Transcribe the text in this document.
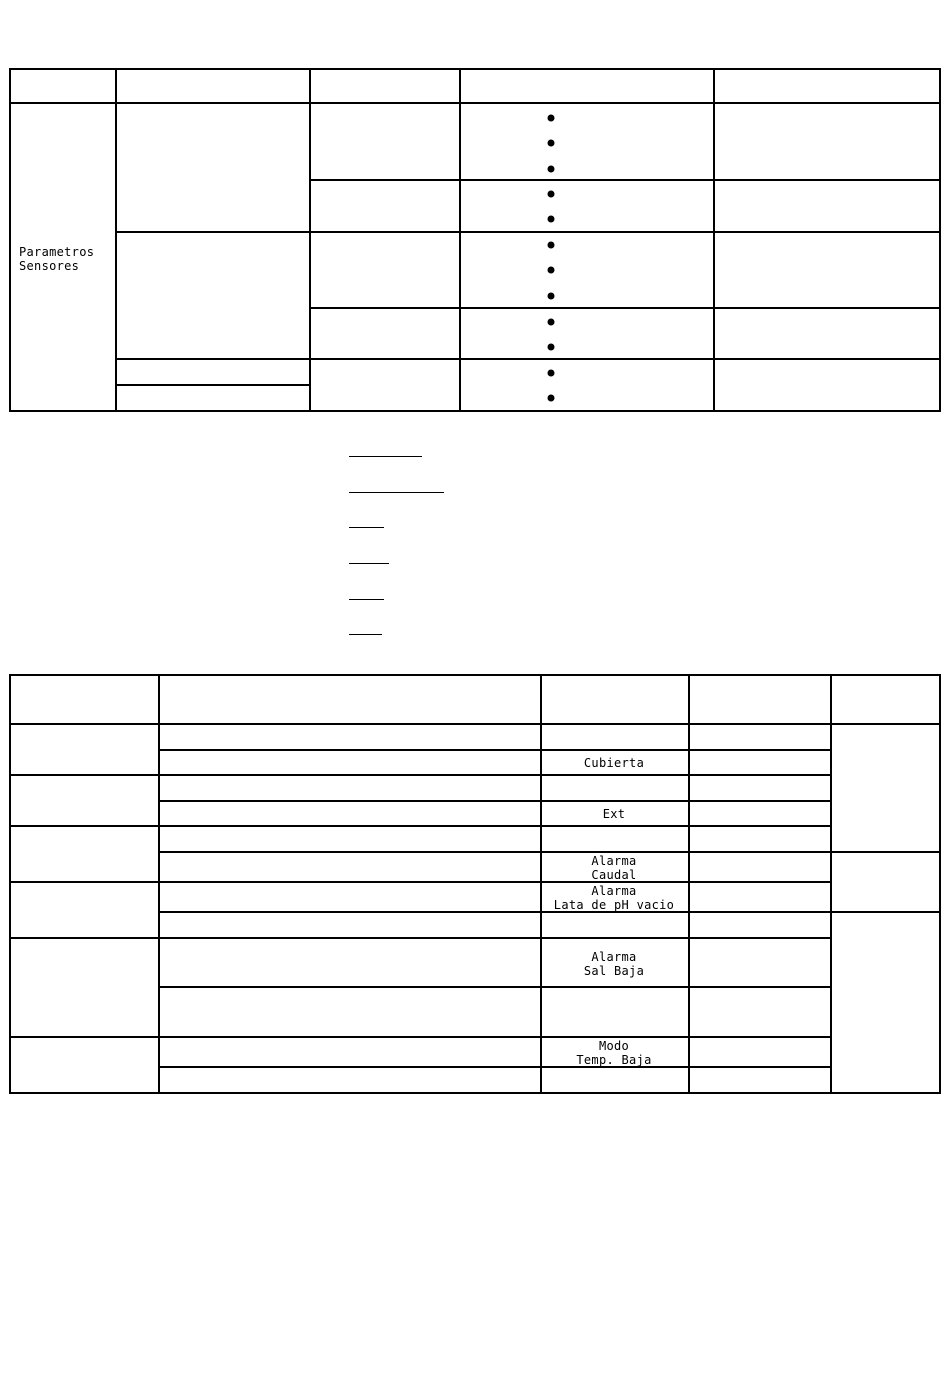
Parametros
Sensores
Cubierta
Ext
Alarma
Caudal
Alarma
Lata de pH vacio
Alarma
Sal Baja
Modo
Temp. Baja
